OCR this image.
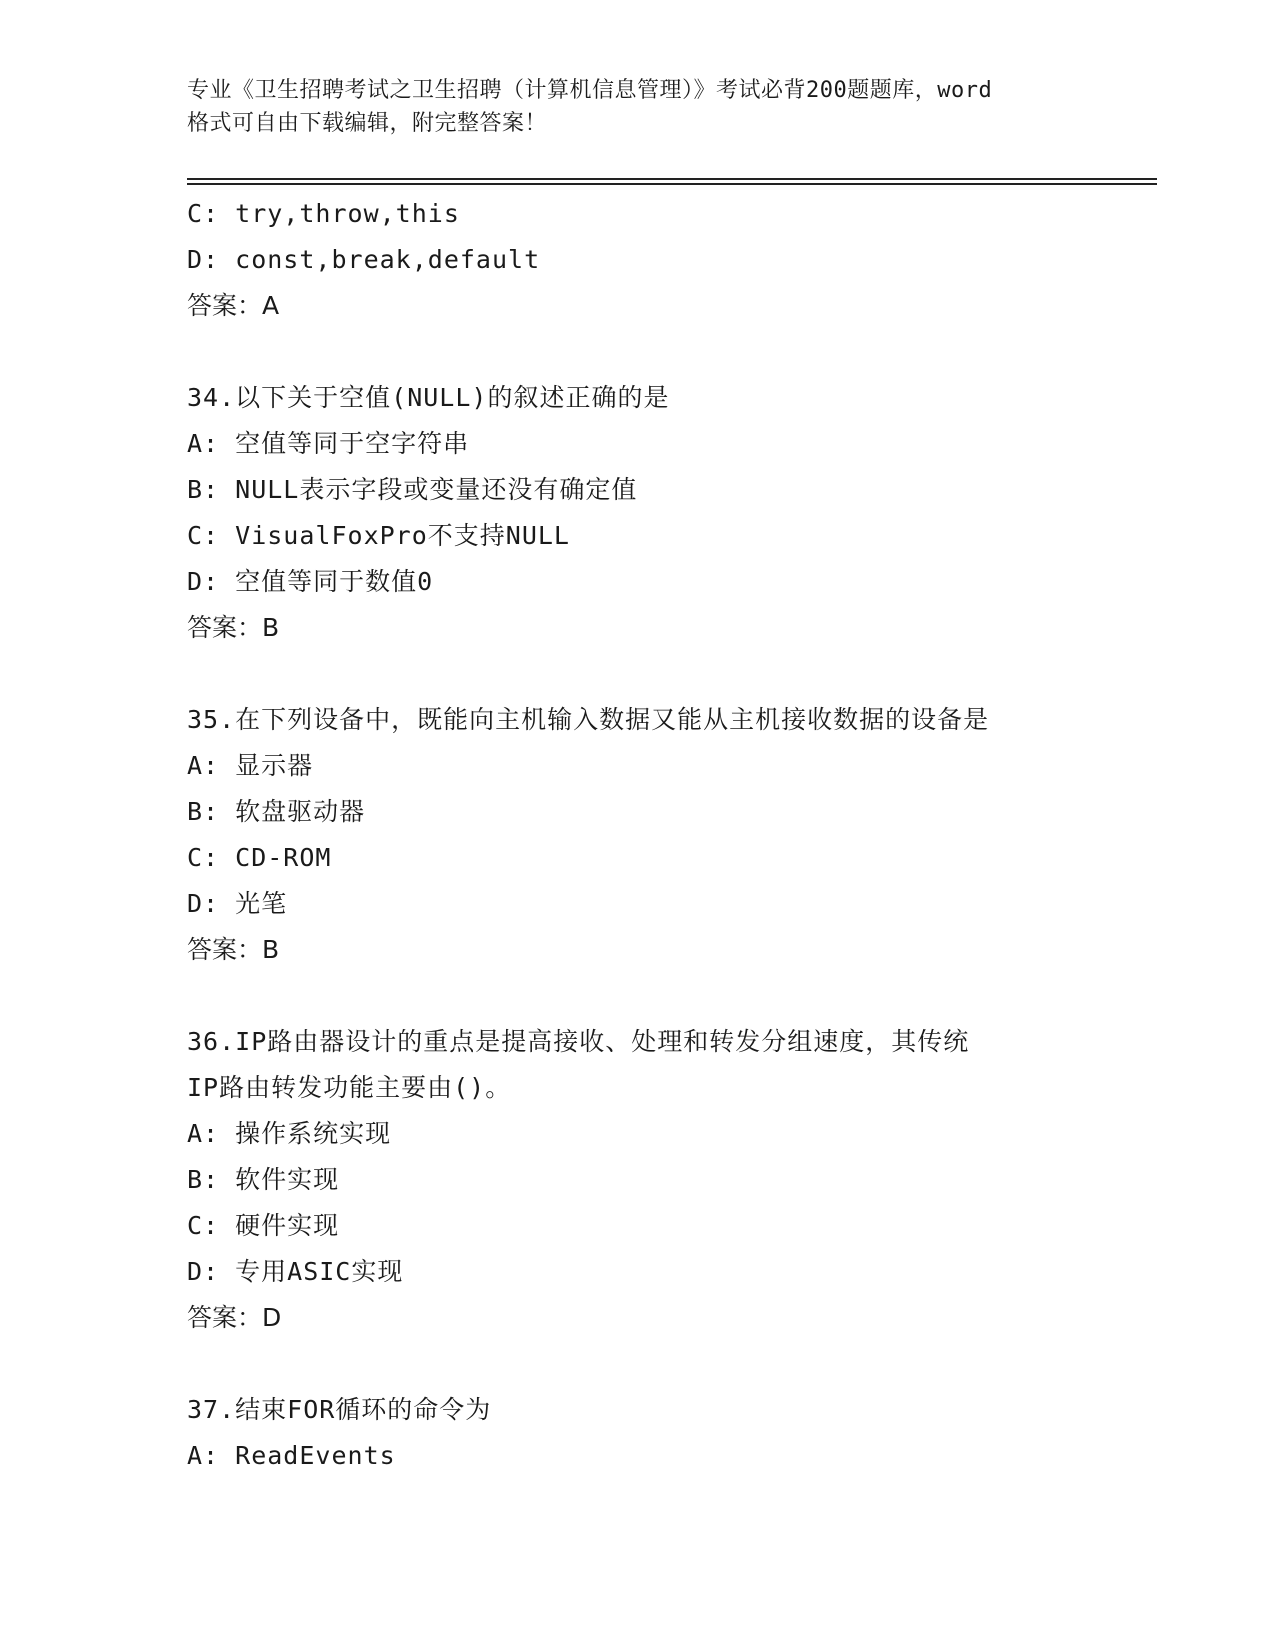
专业《卫生招聘考试之卫生招聘（计算机信息管理）》考试必背200题题库，word
格式可自由下载编辑，附完整答案！
C: try,throw,this
D: const,break,default
答案：A
34.以下关于空值(NULL)的叙述正确的是
A: 空值等同于空字符串
B: NULL表示字段或变量还没有确定值
C: VisualFoxPro不支持NULL
D: 空值等同于数值0
答案：B
35.在下列设备中，既能向主机输入数据又能从主机接收数据的设备是
A: 显示器
B: 软盘驱动器
C: CD-ROM
D: 光笔
答案：B
36.IP路由器设计的重点是提高接收、处理和转发分组速度，其传统
IP路由转发功能主要由()。
A: 操作系统实现
B: 软件实现
C: 硬件实现
D: 专用ASIC实现
答案：D
37.结束FOR循环的命令为
A: ReadEvents
